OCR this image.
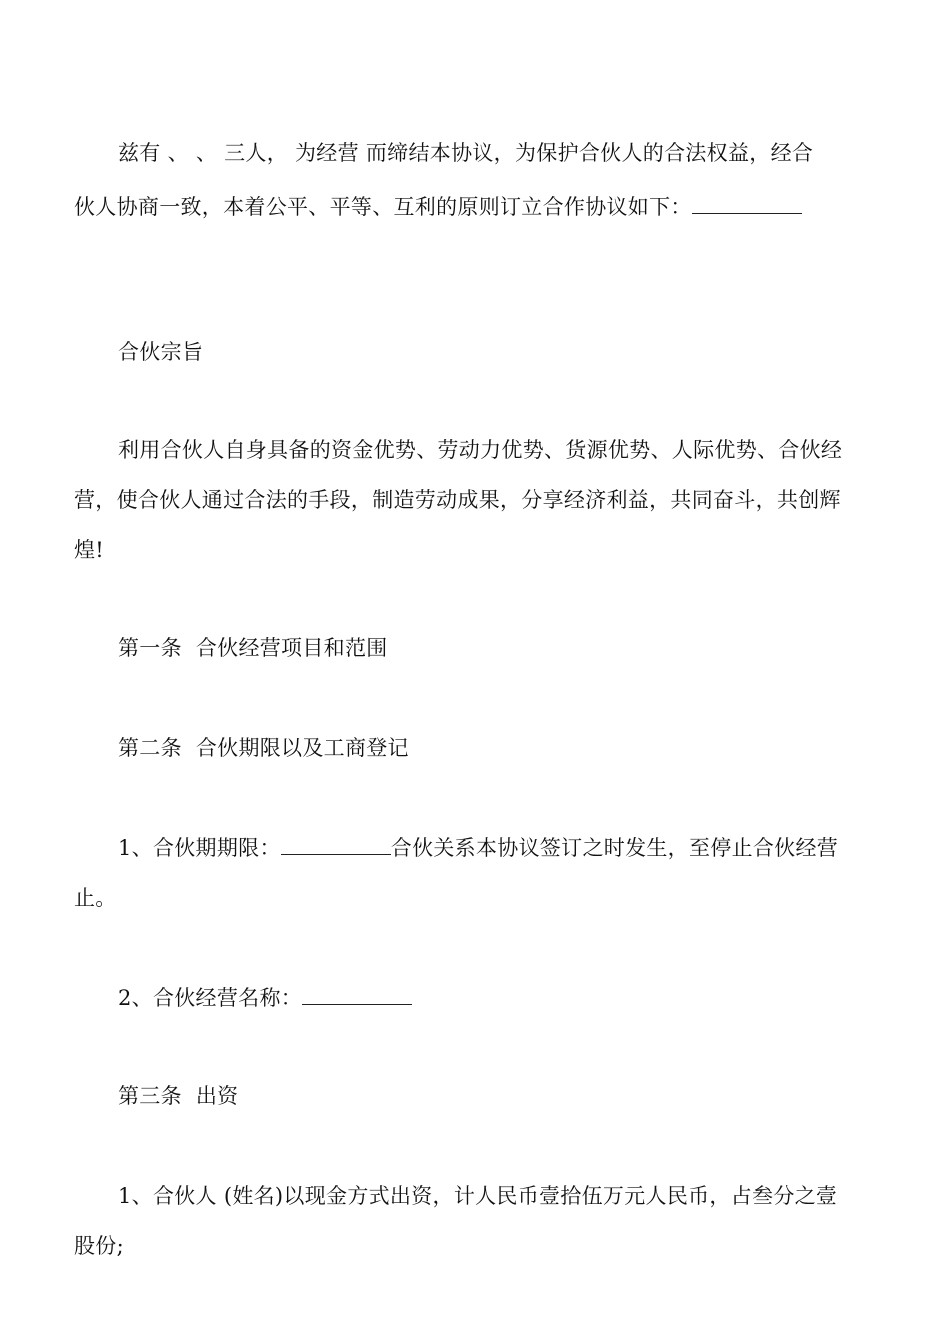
兹有 、 、 三人， 为经营 而缔结本协议，为保护合伙人的合法权益，经合
伙人协商一致，本着公平、平等、互利的原则订立合作协议如下：
合伙宗旨
利用合伙人自身具备的资金优势、劳动力优势、货源优势、人际优势、合伙经
营，使合伙人通过合法的手段，制造劳动成果，分享经济利益，共同奋斗，共创辉
煌!
第一条  合伙经营项目和范围
第二条  合伙期限以及工商登记
1、合伙期期限：	合伙关系本协议签订之时发生，至停止合伙经营
止。
2、合伙经营名称：
第三条  出资
1、合伙人 (姓名)以现金方式出资，计人民币壹拾伍万元人民币，占叁分之壹
股份;
